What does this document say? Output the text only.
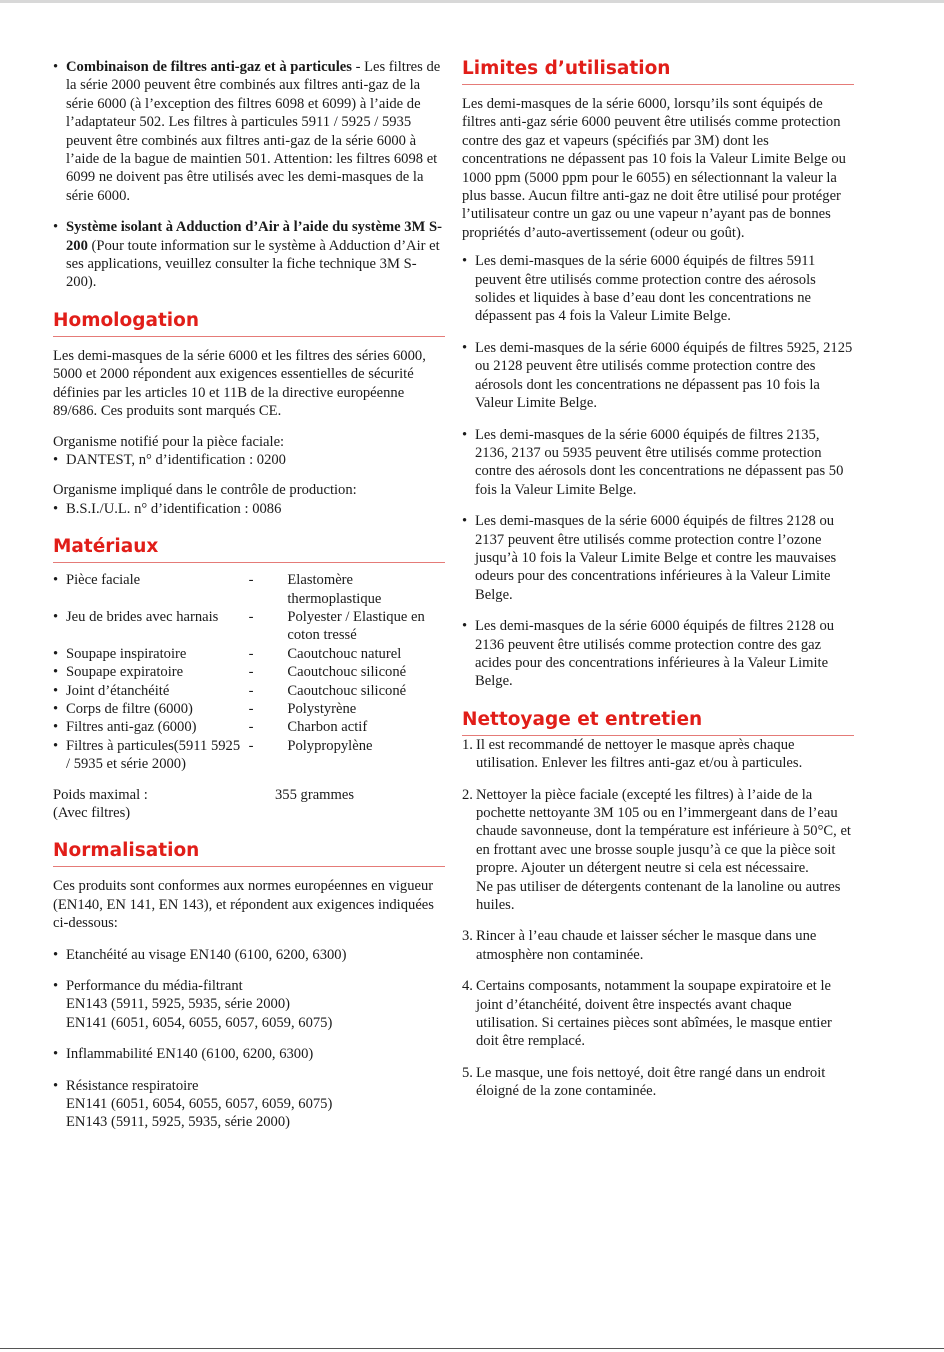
• Combinaison de filtres anti-gaz et à particules - Les filtres de la série 2000 peuvent être combinés aux filtres anti-gaz de la série 6000 (à l’exception des filtres 6098 et 6099) à l’aide de l’adaptateur 502. Les filtres à particules 5911 / 5925 / 5935 peuvent être combinés aux filtres anti-gaz de la série 6000 à l’aide de la bague de maintien 501. Attention: les filtres 6098 et 6099 ne doivent pas être utilisés avec les demi-masques de la série 6000.
• Système isolant à Adduction d’Air à l’aide du système 3M S-200 (Pour toute information sur le système à Adduction d’Air et ses applications, veuillez consulter la fiche technique 3M S-200).
Homologation

Les demi-masques de la série 6000 et les filtres des séries 6000, 5000 et 2000 répondent aux exigences essentielles de sécurité définies par les articles 10 et 11B de la directive européenne 89/686. Ces produits sont marqués CE.

Organisme notifié pour la pièce faciale:

• DANTEST, n° d’identification : 0200

Organisme impliqué dans le contrôle de production:

• B.S.I./U.L. n° d’identification : 0086
Matériaux
• Pièce faciale	-	Elastomère thermoplastique
• Jeu de brides avec harnais	-	Polyester / Elastique en coton tressé
• Soupape inspiratoire	-	Caoutchouc naturel
• Soupape expiratoire	-	Caoutchouc siliconé
• Joint d’étanchéité	-	Caoutchouc siliconé
• Corps de filtre (6000)	-	Polystyrène
• Filtres anti-gaz (6000)	-	Charbon actif
• Filtres à particules(5911 5925 / 5935 et série 2000)	-	Polypropylène
Poids maximal :
(Avec filtres)
355 grammes
Normalisation

Ces produits sont conformes aux normes européennes en vigueur (EN140, EN 141, EN 143), et répondent aux exigences indiquées ci-dessous:

• Etanchéité au visage EN140 (6100, 6200, 6300)
• Performance du média-filtrant
EN143 (5911, 5925, 5935, série 2000)
EN141 (6051, 6054, 6055, 6057, 6059, 6075)
• Inflammabilité EN140 (6100, 6200, 6300)
• Résistance respiratoire
EN141 (6051, 6054, 6055, 6057, 6059, 6075)
EN143 (5911, 5925, 5935, série 2000)
Limites d’utilisation

Les demi-masques de la série 6000, lorsqu’ils sont équipés de filtres anti-gaz série 6000 peuvent être utilisés comme protection contre des gaz et vapeurs (spécifiés par 3M) dont les concentrations ne dépassent pas 10 fois la Valeur Limite Belge ou 1000 ppm (5000 ppm pour le 6055) en sélectionnant la valeur la plus basse. Aucun filtre anti-gaz ne doit être utilisé pour protéger l’utilisateur contre un gaz ou une vapeur n’ayant pas de bonnes propriétés d’auto-avertissement (odeur ou goût).

• Les demi-masques de la série 6000 équipés de filtres 5911 peuvent être utilisés comme protection contre des aérosols solides et liquides à base d’eau dont les concentrations ne dépassent pas 4 fois la Valeur Limite Belge.
• Les demi-masques de la série 6000 équipés de filtres 5925, 2125 ou 2128 peuvent être utilisés comme protection contre des aérosols dont les concentrations ne dépassent pas 10 fois la Valeur Limite Belge.
• Les demi-masques de la série 6000 équipés de filtres 2135, 2136, 2137 ou 5935 peuvent être utilisés comme protection contre des aérosols dont les concentrations ne dépassent pas 50 fois la Valeur Limite Belge.
• Les demi-masques de la série 6000 équipés de filtres 2128 ou 2137 peuvent être utilisés comme protection contre l’ozone jusqu’à 10 fois la Valeur Limite Belge et contre les mauvaises odeurs pour des concentrations inférieures à la Valeur Limite Belge.
• Les demi-masques de la série 6000 équipés de filtres 2128 ou 2136 peuvent être utilisés comme protection contre des gaz acides pour des concentrations inférieures à la Valeur Limite Belge.
Nettoyage et entretien
1. Il est recommandé de nettoyer le masque après chaque utilisation. Enlever les filtres anti-gaz et/ou à particules.
2. Nettoyer la pièce faciale (excepté les filtres) à l’aide de la pochette nettoyante 3M 105 ou en l’immergeant dans de l’eau chaude savonneuse, dont la température est inférieure à 50°C, et en frottant avec une brosse souple jusqu’à ce que la pièce soit propre. Ajouter un détergent neutre si cela est nécessaire.
Ne pas utiliser de détergents contenant de la lanoline ou autres huiles.
3. Rincer à l’eau chaude et laisser sécher le masque dans une atmosphère non contaminée.
4. Certains composants, notamment la soupape expiratoire et le joint d’étanchéité, doivent être inspectés avant chaque utilisation. Si certaines pièces sont abîmées, le masque entier doit être remplacé.
5. Le masque, une fois nettoyé, doit être rangé dans un endroit éloigné de la zone contaminée.
